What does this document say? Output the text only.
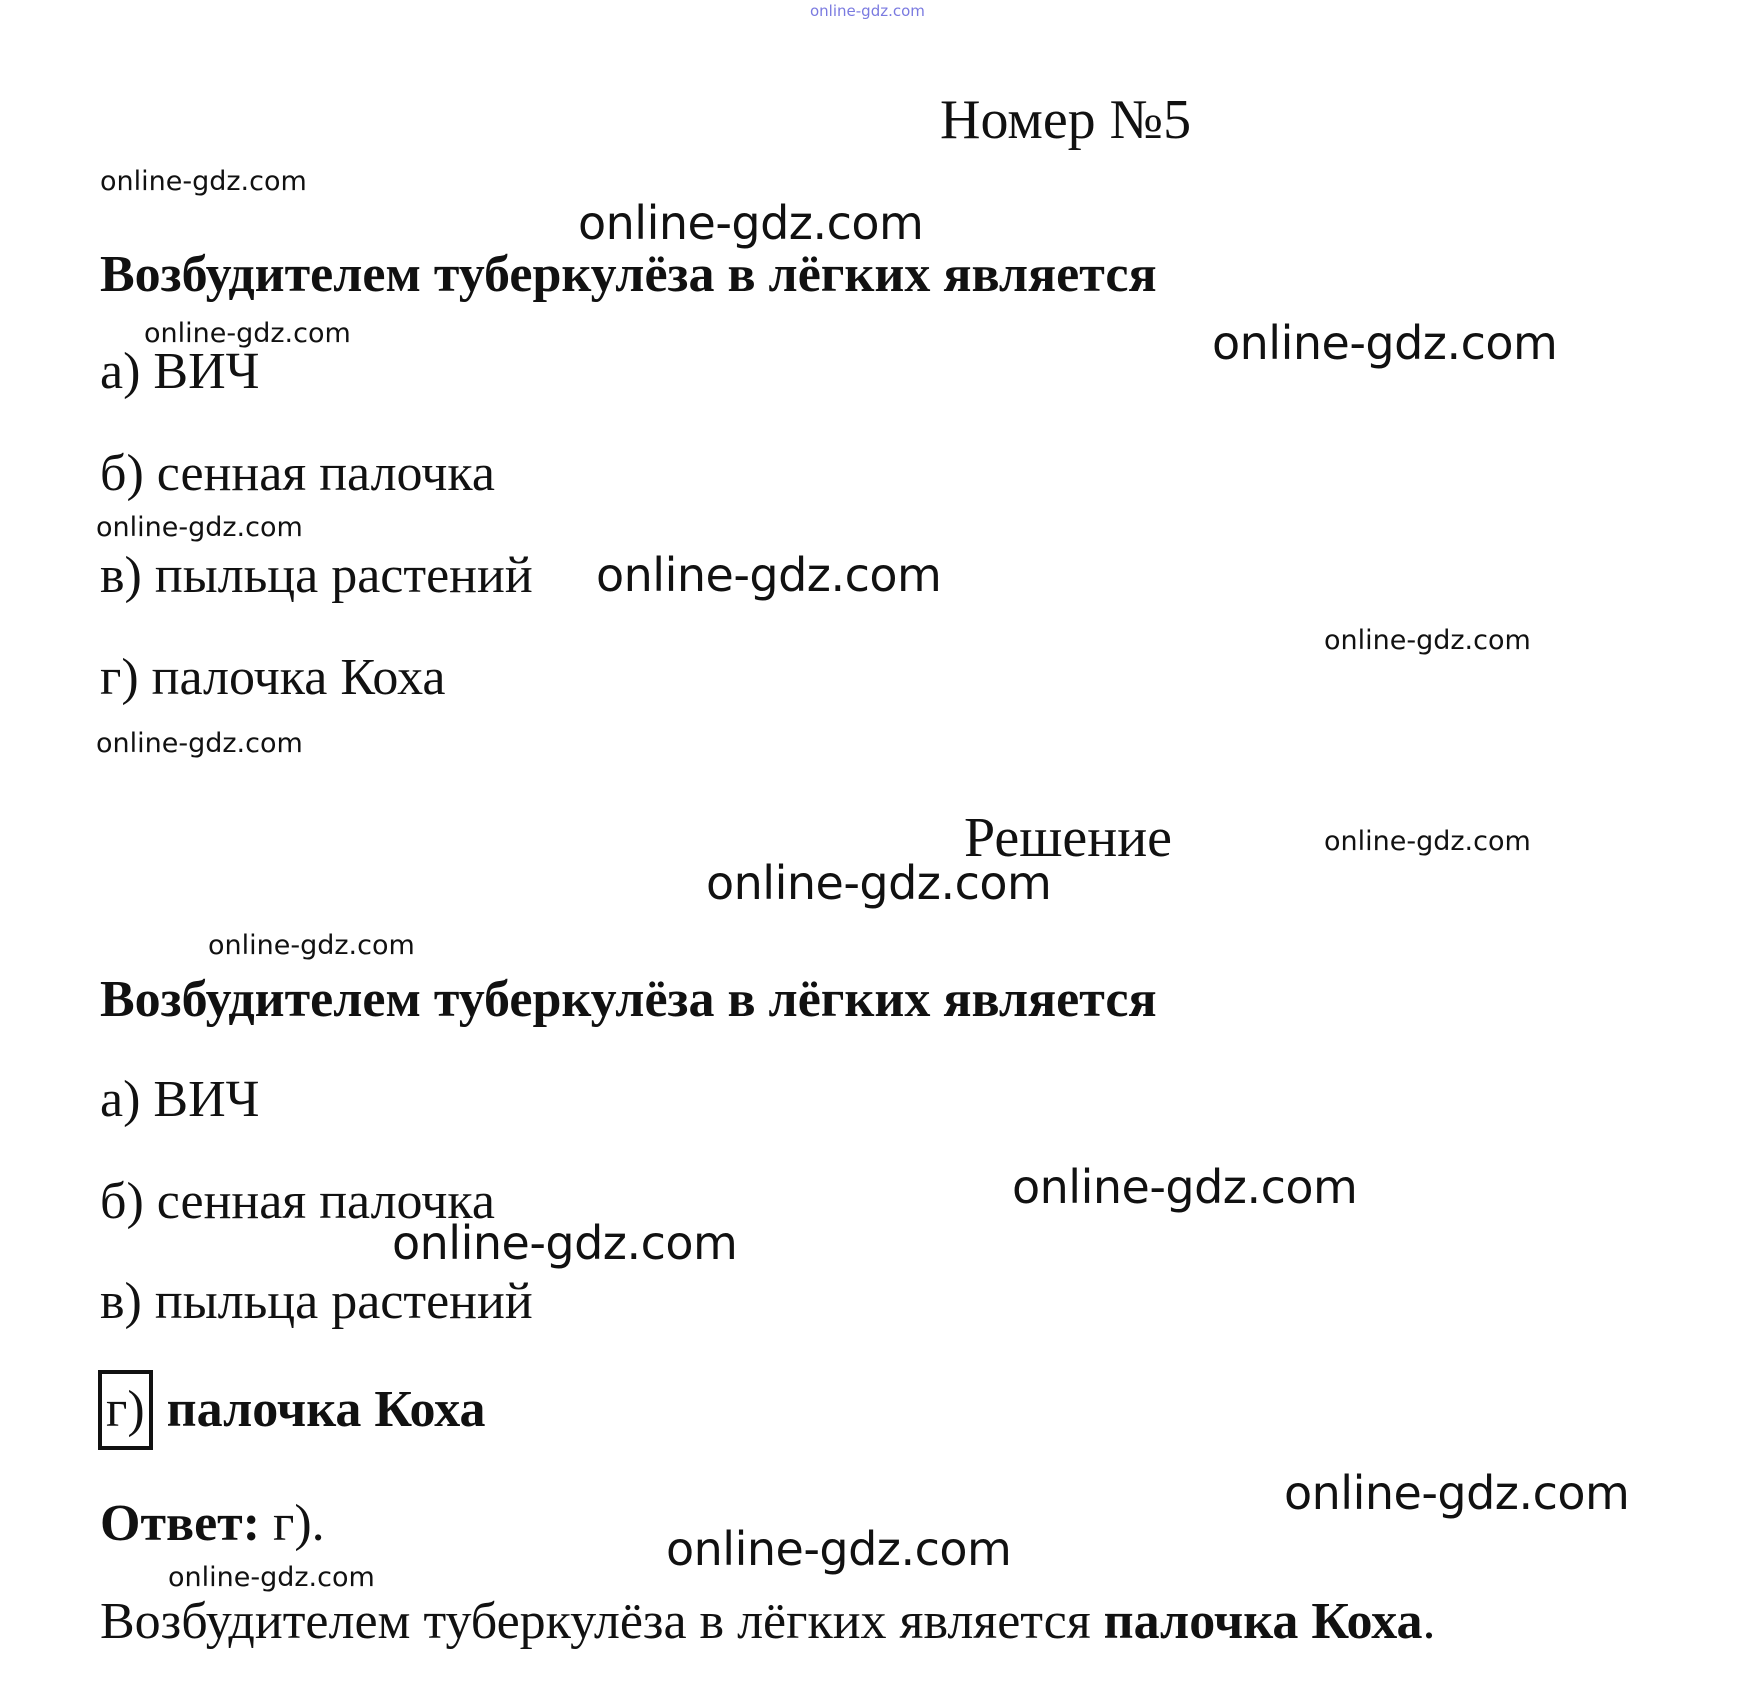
online-gdz.com
Номер №5
online-gdz.com
online-gdz.com
Возбудителем туберкулёза в лёгких является
online-gdz.com	online-gdz.com
а) ВИЧ
б) сенная палочка
online-gdz.com
в) пыльца растений online-gdz.com
online-gdz.com
г) палочка Коха
online-gdz.com
Решение	online-gdz.com
online-gdz.com
online-gdz.com
Возбудителем туберкулёза в лёгких является
а) ВИЧ
б) сенная палочка	online-gdz.com
online-gdz.com
в) пыльца растений
г) палочка Коха
online-gdz.com
Ответ: г).	online-gdz.com
online-gdz.com
Возбудителем туберкулёза в лёгких является палочка Коха.
